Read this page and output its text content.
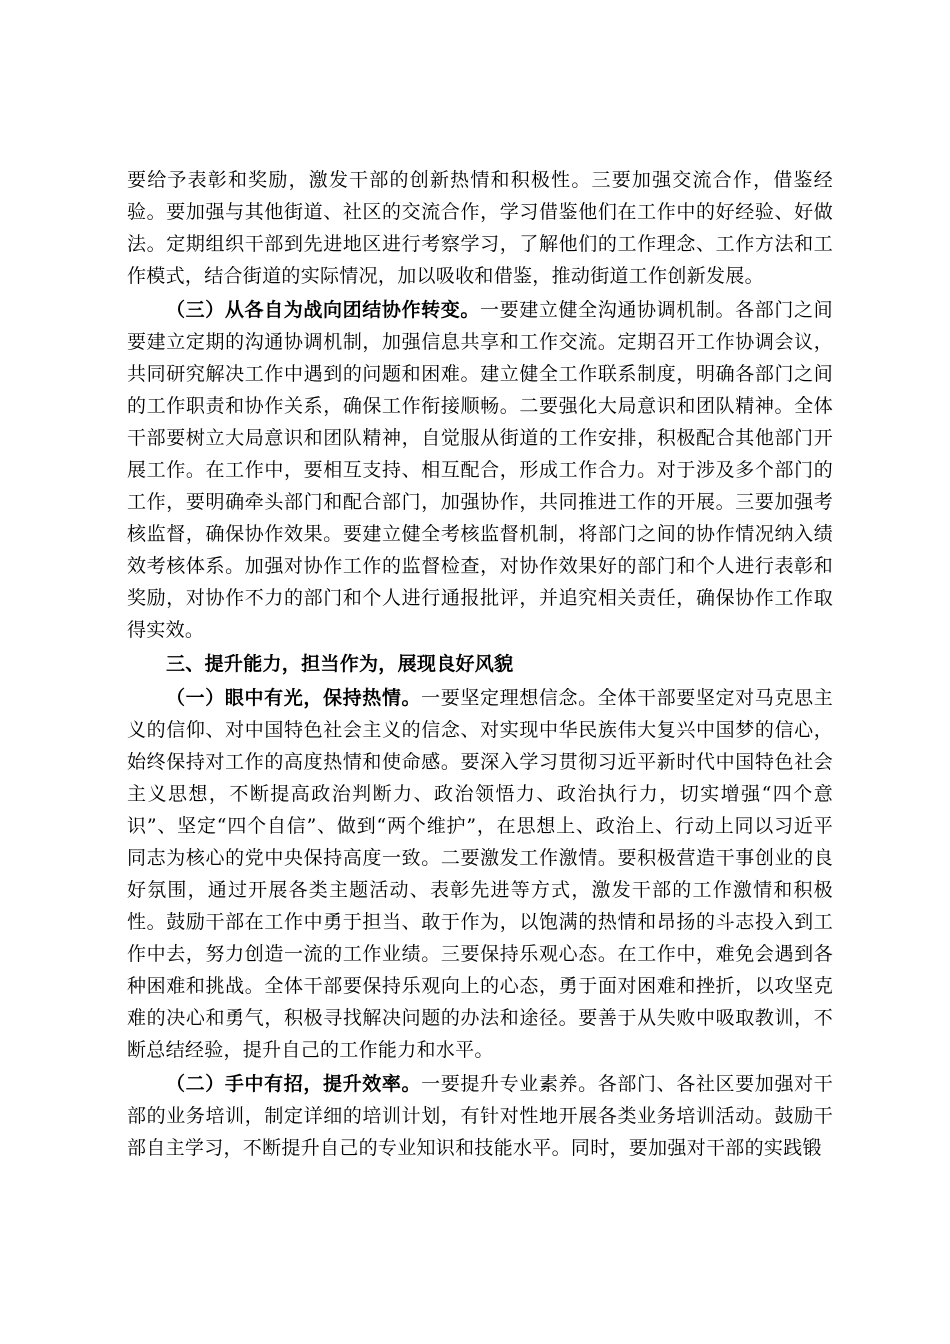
要给予表彰和奖励，激发干部的创新热情和积极性。三要加强交流合作，借鉴经验。要加强与其他街道、社区的交流合作，学习借鉴他们在工作中的好经验、好做法。定期组织干部到先进地区进行考察学习，了解他们的工作理念、工作方法和工作模式，结合街道的实际情况，加以吸收和借鉴，推动街道工作创新发展。

（三）从各自为战向团结协作转变。一要建立健全沟通协调机制。各部门之间要建立定期的沟通协调机制，加强信息共享和工作交流。定期召开工作协调会议，共同研究解决工作中遇到的问题和困难。建立健全工作联系制度，明确各部门之间的工作职责和协作关系，确保工作衔接顺畅。二要强化大局意识和团队精神。全体干部要树立大局意识和团队精神，自觉服从街道的工作安排，积极配合其他部门开展工作。在工作中，要相互支持、相互配合，形成工作合力。对于涉及多个部门的工作，要明确牵头部门和配合部门，加强协作，共同推进工作的开展。三要加强考核监督，确保协作效果。要建立健全考核监督机制，将部门之间的协作情况纳入绩效考核体系。加强对协作工作的监督检查，对协作效果好的部门和个人进行表彰和奖励，对协作不力的部门和个人进行通报批评，并追究相关责任，确保协作工作取得实效。

三、提升能力，担当作为，展现良好风貌

（一）眼中有光，保持热情。一要坚定理想信念。全体干部要坚定对马克思主义的信仰、对中国特色社会主义的信念、对实现中华民族伟大复兴中国梦的信心，始终保持对工作的高度热情和使命感。要深入学习贯彻习近平新时代中国特色社会主义思想，不断提高政治判断力、政治领悟力、政治执行力，切实增强“四个意识”、坚定“四个自信”、做到“两个维护”，在思想上、政治上、行动上同以习近平同志为核心的党中央保持高度一致。二要激发工作激情。要积极营造干事创业的良好氛围，通过开展各类主题活动、表彰先进等方式，激发干部的工作激情和积极性。鼓励干部在工作中勇于担当、敢于作为，以饱满的热情和昂扬的斗志投入到工作中去，努力创造一流的工作业绩。三要保持乐观心态。在工作中，难免会遇到各种困难和挑战。全体干部要保持乐观向上的心态，勇于面对困难和挫折，以攻坚克难的决心和勇气，积极寻找解决问题的办法和途径。要善于从失败中吸取教训，不断总结经验，提升自己的工作能力和水平。

（二）手中有招，提升效率。一要提升专业素养。各部门、各社区要加强对干部的业务培训，制定详细的培训计划，有针对性地开展各类业务培训活动。鼓励干部自主学习，不断提升自己的专业知识和技能水平。同时，要加强对干部的实践锻
